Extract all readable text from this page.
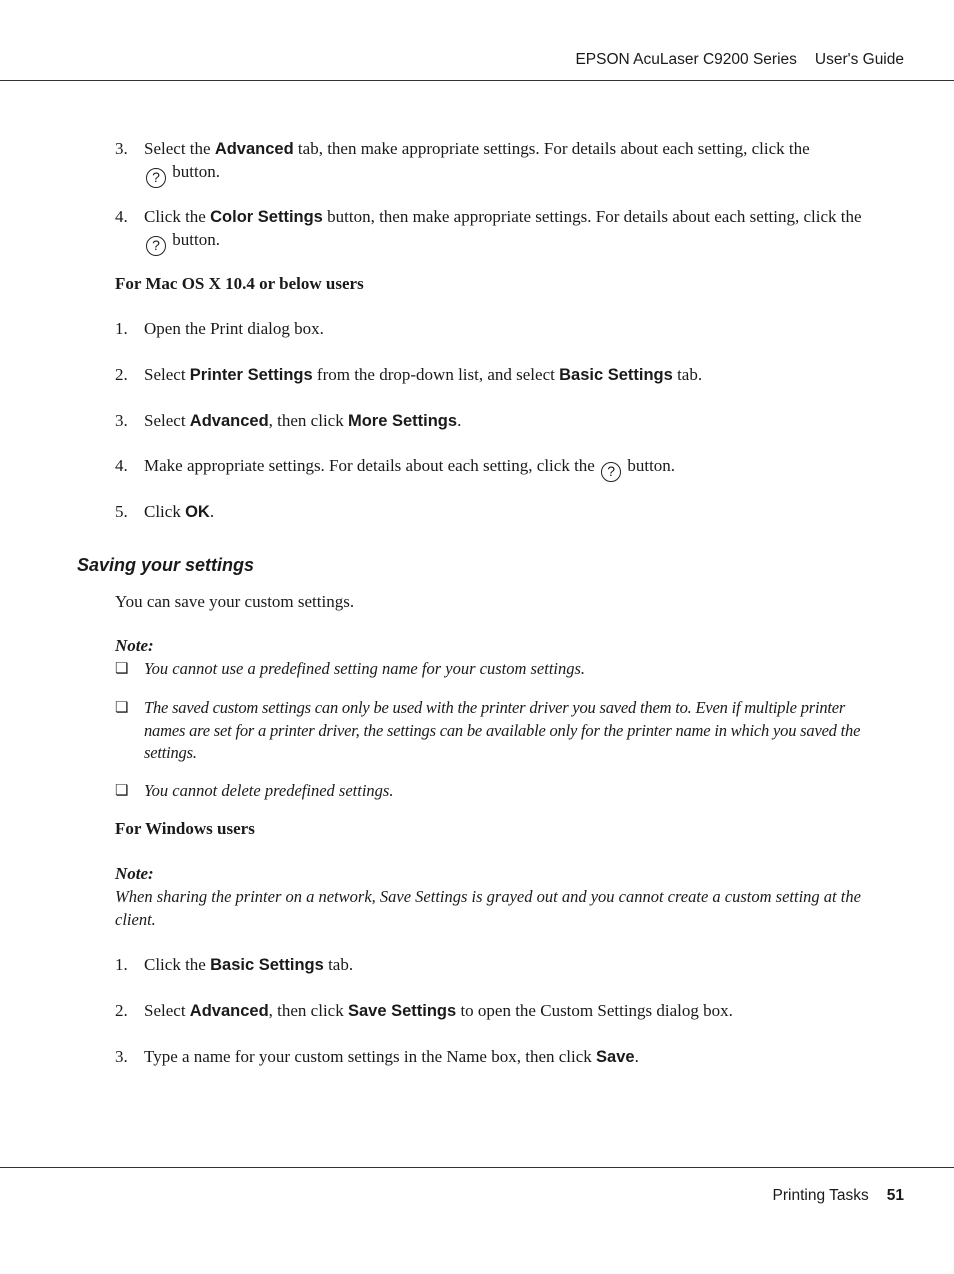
EPSON AcuLaser C9200 Series User's Guide
3. Select the Advanced tab, then make appropriate settings. For details about each setting, click the
? button.
4. Click the Color Settings button, then make appropriate settings. For details about each setting, click the ? button.
For Mac OS X 10.4 or below users
1. Open the Print dialog box.
2. Select Printer Settings from the drop-down list, and select Basic Settings tab.
3. Select Advanced, then click More Settings.
4. Make appropriate settings. For details about each setting, click the ? button.
5. Click OK.
Saving your settings
You can save your custom settings.
Note:
❏ You cannot use a predefined setting name for your custom settings.
❏ The saved custom settings can only be used with the printer driver you saved them to. Even if multiple printer names are set for a printer driver, the settings can be available only for the printer name in which you saved the settings.
❏ You cannot delete predefined settings.
For Windows users
Note:
When sharing the printer on a network, Save Settings is grayed out and you cannot create a custom setting at the client.
1. Click the Basic Settings tab.
2. Select Advanced, then click Save Settings to open the Custom Settings dialog box.
3. Type a name for your custom settings in the Name box, then click Save.
Printing Tasks 51
